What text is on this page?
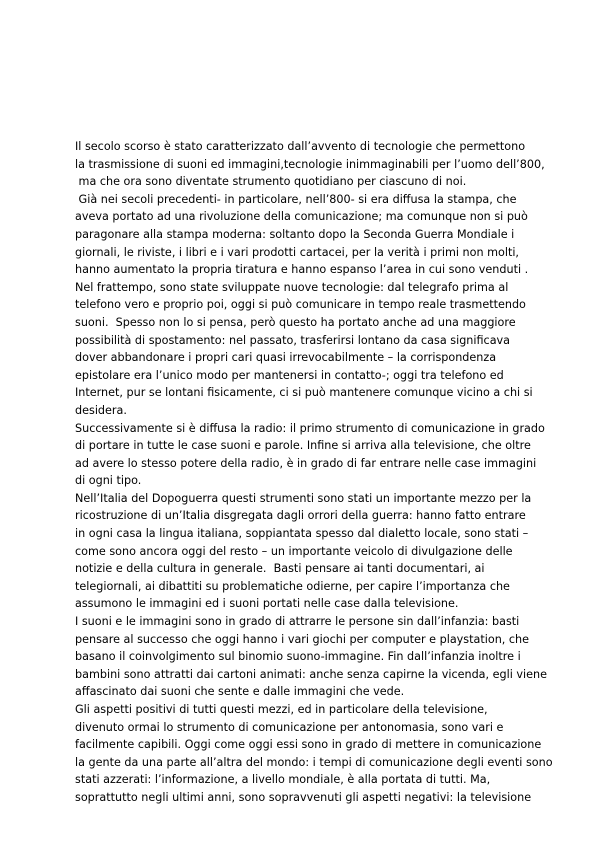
Il secolo scorso è stato caratterizzato dall’avvento di tecnologie che permettono
la trasmissione di suoni ed immagini,tecnologie inimmaginabili per l’uomo dell’800,
ma che ora sono diventate strumento quotidiano per ciascuno di noi.
Già nei secoli precedenti- in particolare, nell’800- si era diffusa la stampa, che
aveva portato ad una rivoluzione della comunicazione; ma comunque non si può
paragonare alla stampa moderna: soltanto dopo la Seconda Guerra Mondiale i
giornali, le riviste, i libri e i vari prodotti cartacei, per la verità i primi non molti,
hanno aumentato la propria tiratura e hanno espanso l’area in cui sono venduti .
Nel frattempo, sono state sviluppate nuove tecnologie: dal telegrafo prima al
telefono vero e proprio poi, oggi si può comunicare in tempo reale trasmettendo
suoni.  Spesso non lo si pensa, però questo ha portato anche ad una maggiore
possibilità di spostamento: nel passato, trasferirsi lontano da casa significava
dover abbandonare i propri cari quasi irrevocabilmente – la corrispondenza
epistolare era l’unico modo per mantenersi in contatto-; oggi tra telefono ed
Internet, pur se lontani fisicamente, ci si può mantenere comunque vicino a chi si
desidera.
Successivamente si è diffusa la radio: il primo strumento di comunicazione in grado
di portare in tutte le case suoni e parole. Infine si arriva alla televisione, che oltre
ad avere lo stesso potere della radio, è in grado di far entrare nelle case immagini
di ogni tipo.
Nell’Italia del Dopoguerra questi strumenti sono stati un importante mezzo per la
ricostruzione di un’Italia disgregata dagli orrori della guerra: hanno fatto entrare
in ogni casa la lingua italiana, soppiantata spesso dal dialetto locale, sono stati –
come sono ancora oggi del resto – un importante veicolo di divulgazione delle
notizie e della cultura in generale.  Basti pensare ai tanti documentari, ai
telegiornali, ai dibattiti su problematiche odierne, per capire l’importanza che
assumono le immagini ed i suoni portati nelle case dalla televisione.
I suoni e le immagini sono in grado di attrarre le persone sin dall’infanzia: basti
pensare al successo che oggi hanno i vari giochi per computer e playstation, che
basano il coinvolgimento sul binomio suono-immagine. Fin dall’infanzia inoltre i
bambini sono attratti dai cartoni animati: anche senza capirne la vicenda, egli viene
affascinato dai suoni che sente e dalle immagini che vede.
Gli aspetti positivi di tutti questi mezzi, ed in particolare della televisione,
divenuto ormai lo strumento di comunicazione per antonomasia, sono vari e
facilmente capibili. Oggi come oggi essi sono in grado di mettere in comunicazione
la gente da una parte all’altra del mondo: i tempi di comunicazione degli eventi sono
stati azzerati: l’informazione, a livello mondiale, è alla portata di tutti. Ma,
soprattutto negli ultimi anni, sono sopravvenuti gli aspetti negativi: la televisione
